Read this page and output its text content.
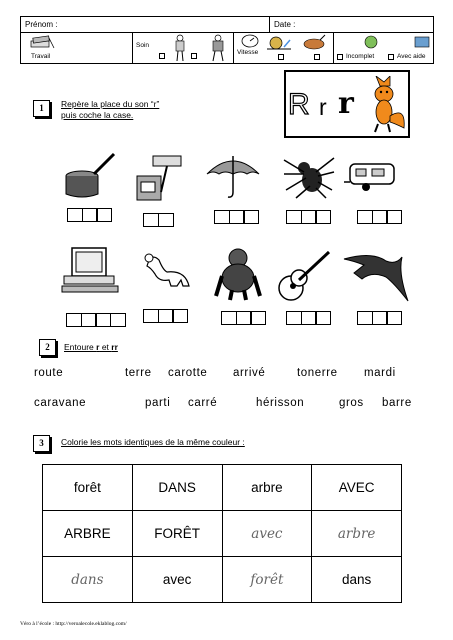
Prénom :	Date :
Travail
Soin
Vitesse
Incomplet	Avec aide
R r r
1	Repère la place du son “r”
puis coche la case.
2	Entoure r et rr
route	terre carotte arrivé	tonerre mardi
caravane	parti carré	hérisson	gros barre
3	Colorie les mots identiques de la même couleur :
forêt	DANS	arbre	AVEC
ARBRE	FORÊT	avec	arbre
dans	avec	forêt	dans
Véro à l’école : http://veroalecole.eklablog.com/
